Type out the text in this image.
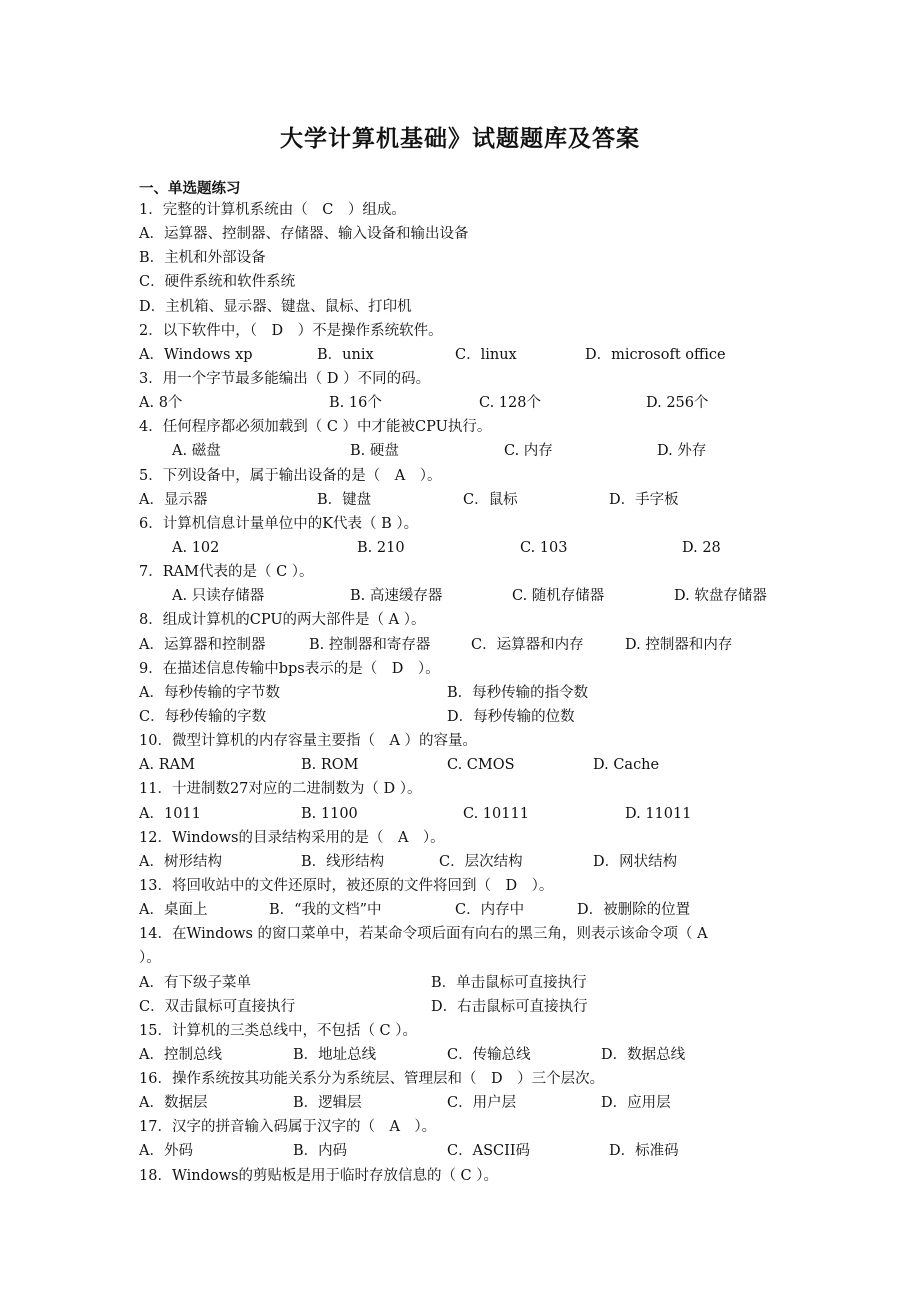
大学计算机基础》试题题库及答案
一、单选题练习
1．完整的计算机系统由（　C　）组成。
A．运算器、控制器、存储器、输入设备和输出设备
B．主机和外部设备
C．硬件系统和软件系统
D．主机箱、显示器、键盘、鼠标、打印机
2．以下软件中，（　D　）不是操作系统软件。
A．Windows xp	B．unix	C．linux	D．microsoft office
3．用一个字节最多能编出（ D ）不同的码。
A. 8个	B. 16个	C. 128个	D. 256个
4．任何程序都必须加载到（ C ）中才能被CPU执行。
A. 磁盘	B. 硬盘	C. 内存	D. 外存
5．下列设备中，属于输出设备的是（　A　）。
A．显示器	B．键盘	C．鼠标	D．手字板
6．计算机信息计量单位中的K代表（ B ）。
A. 102	B. 210	C. 103	D. 28
7．RAM代表的是（ C ）。
A. 只读存储器	B. 高速缓存器	C. 随机存储器	D. 软盘存储器
8．组成计算机的CPU的两大部件是（ A ）。
A．运算器和控制器	B. 控制器和寄存器	C．运算器和内存	D. 控制器和内存
9．在描述信息传输中bps表示的是（　D　）。
A．每秒传输的字节数	B．每秒传输的指令数
C．每秒传输的字数	D．每秒传输的位数
10．微型计算机的内存容量主要指（　A ）的容量。
A. RAM	B. ROM	C. CMOS	D. Cache
11．十进制数27对应的二进制数为（ D ）。
A．1011	B. 1100	C. 10111	D. 11011
12．Windows的目录结构采用的是（　A　）。
A．树形结构	B．线形结构	C．层次结构	D．网状结构
13．将回收站中的文件还原时，被还原的文件将回到（　D　）。
A．桌面上	B．“我的文档”中	C．内存中	D．被删除的位置
14．在Windows 的窗口菜单中，若某命令项后面有向右的黑三角，则表示该命令项（ A
）。
A．有下级子菜单	B．单击鼠标可直接执行
C．双击鼠标可直接执行	D．右击鼠标可直接执行
15．计算机的三类总线中，不包括（ C ）。
A．控制总线	B．地址总线	C．传输总线	D．数据总线
16．操作系统按其功能关系分为系统层、管理层和（　D　）三个层次。
A．数据层	B．逻辑层	C．用户层	D．应用层
17．汉字的拼音输入码属于汉字的（　A　）。
A．外码	B．内码	C．ASCII码	D．标准码
18．Windows的剪贴板是用于临时存放信息的（ C ）。
